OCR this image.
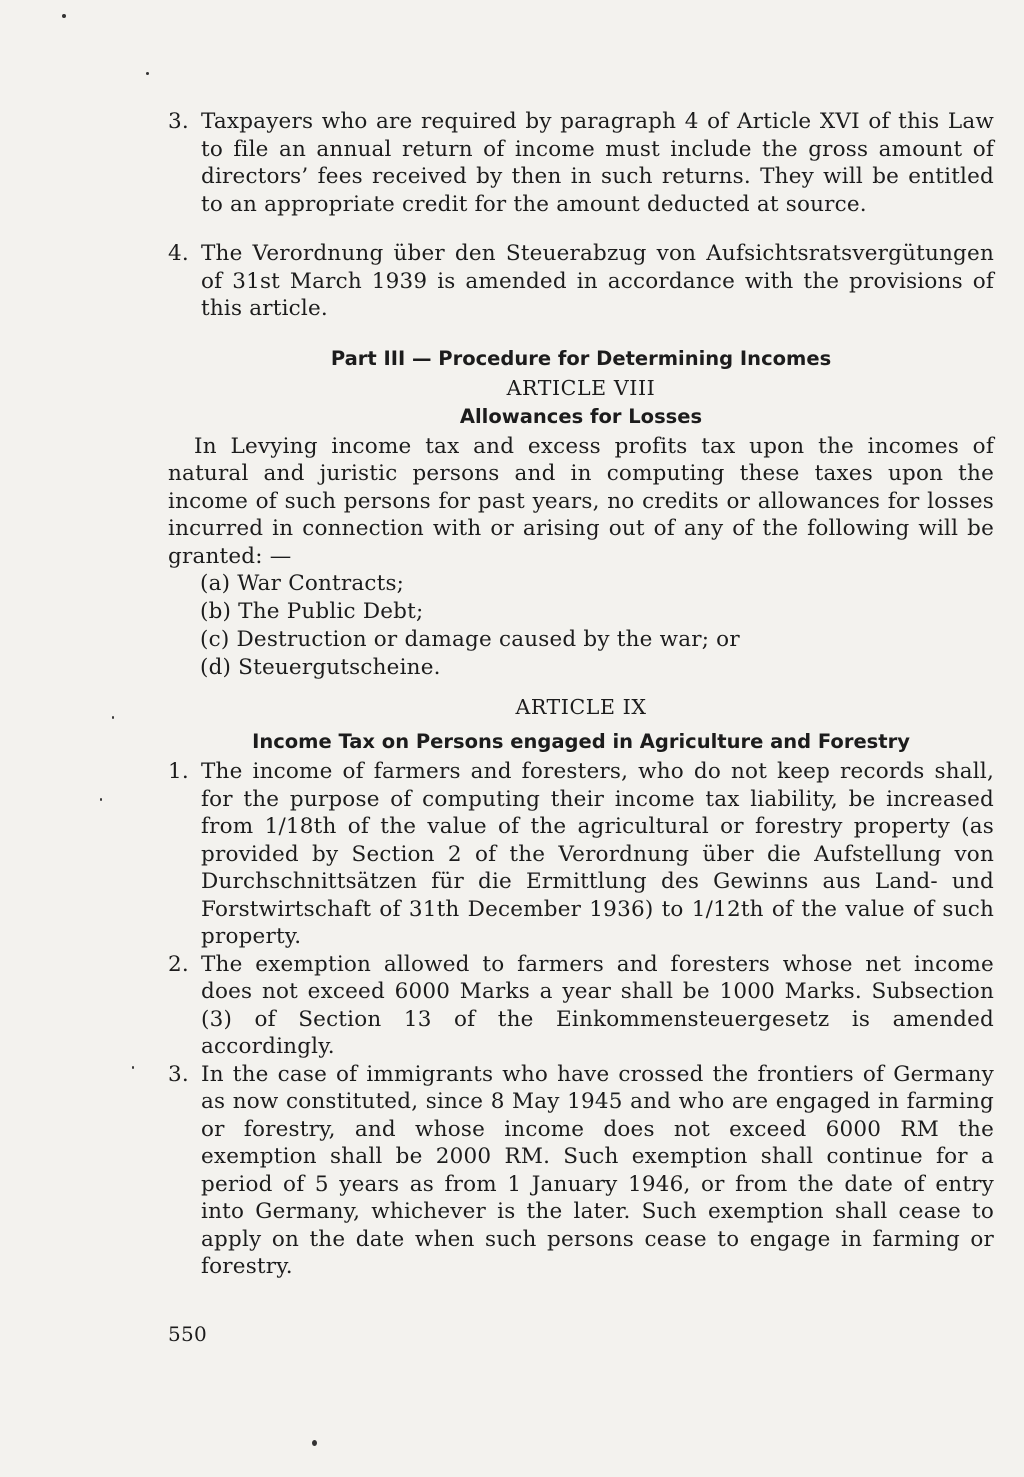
3. Taxpayers who are required by paragraph 4 of Article XVI of this Law to file an annual return of income must include the gross amount of directors’ fees received by then in such returns. They will be entitled to an appropriate credit for the amount deducted at source.
4. The Verordnung über den Steuerabzug von Aufsichtsratsvergütungen of 31st March 1939 is amended in accordance with the provisions of this article.
Part III — Procedure for Determining Incomes
ARTICLE VIII
Allowances for Losses
In Levying income tax and excess profits tax upon the incomes of natural and juristic persons and in computing these taxes upon the income of such persons for past years, no credits or allowances for losses incurred in connection with or arising out of any of the following will be granted: —
(a) War Contracts;
(b) The Public Debt;
(c) Destruction or damage caused by the war; or
(d) Steuergutscheine.
ARTICLE IX
Income Tax on Persons engaged in Agriculture and Forestry
1. The income of farmers and foresters, who do not keep records shall, for the purpose of computing their income tax liability, be increased from 1/18th of the value of the agricultural or forestry property (as provided by Section 2 of the Verordnung über die Aufstellung von Durchschnittsätzen für die Ermittlung des Gewinns aus Land- und Forstwirtschaft of 31th December 1936) to 1/12th of the value of such property.
2. The exemption allowed to farmers and foresters whose net income does not exceed 6000 Marks a year shall be 1000 Marks. Subsection (3) of Section 13 of the Einkommensteuergesetz is amended accordingly.
3. In the case of immigrants who have crossed the frontiers of Germany as now constituted, since 8 May 1945 and who are engaged in farming or forestry, and whose income does not exceed 6000 RM the exemption shall be 2000 RM. Such exemption shall continue for a period of 5 years as from 1 January 1946, or from the date of entry into Germany, whichever is the later. Such exemption shall cease to apply on the date when such persons cease to engage in farming or forestry.
550
